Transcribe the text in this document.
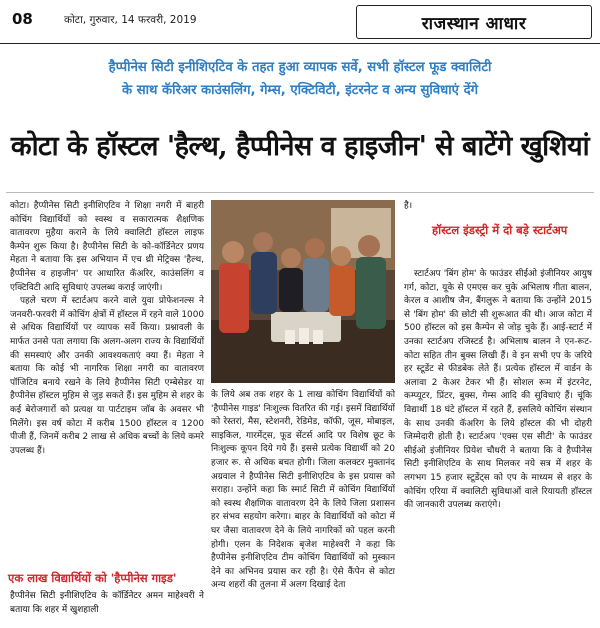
08	कोटा, गुरुवार, 14 फरवरी, 2019	राजस्थान आधार
हैप्पीनेस सिटी इनीशिएटिव के तहत हुआ व्यापक सर्वे, सभी हॉस्टल फूड क्वालिटी
के साथ कॅरिअर काउंसलिंग, गेम्स, एक्टिविटी, इंटरनेट व अन्य सुविधाएं देंगे
कोटा के हॉस्टल 'हैल्थ, हैप्पीनेस व हाइजीन' से बाटेंगे खुशियां

कोटा। हैप्पीनेस सिटी इनीशिएटिव ने शिक्षा नगरी में बाहरी कोचिंग विद्यार्थियों को स्वस्थ व सकारात्मक शैक्षणिक वातावरण मुहैया कराने के लिये क्वालिटी हॉस्टल लाइफ कैम्पेन शुरू किया है। हैप्पीनेस सिटी के को-कॉर्डिनेटर प्रणय मेहता ने बताया कि इस अभियान में एच थ्री मेट्रिक्स 'हैल्थ, हैप्पीनेस व हाइजीन' पर आधारित कॅअरिर, काउंसलिंग व एक्टिविटी आदि सुविधाएं उपलब्ध कराई जाएंगी।

पहले चरण में स्टार्टअप करने वाले युवा प्रोफेशनल्स ने जनवरी-फरवरी में कोचिंग क्षेत्रों में हॉस्टल में रहने वाले 1000 से अधिक विद्यार्थियों पर व्यापक सर्वे किया। प्रश्नावली के मार्फत उनसे पता लगाया कि अलग-अलग राज्य के विद्यार्थियों की समस्याएं और उनकी आवश्यकताएं क्या हैं। मेहता ने बताया कि कोई भी नागरिक शिक्षा नगरी का वातावरण पॉजिटिव बनाये रखने के लिये हैप्पीनेस सिटी एम्बेसेडर या हैप्पीनेस हॉस्टल मुहिम से जुड़ सकते हैं। इस मुहिम से शहर के कई बेरोजगारों को प्रत्यक्ष या पार्टटाइम जॉब के अवसर भी मिलेंगे। इस वर्ष कोटा में करीब 1500 हॉस्टल व 1200 पीजी हैं, जिनमें करीब 2 लाख से अधिक बच्चों के लिये कमरे उपलब्ध हैं।

एक लाख विद्यार्थियों को 'हैप्पीनेस गाइड'
हैप्पीनेस सिटी इनीशिएटिव के कॉर्डिनेटर अमन माहेश्वरी ने बताया कि शहर में खुशहाली

के लिये अब तक शहर के 1 लाख कोचिंग विद्यार्थियों को 'हैप्पीनेस गाइड' निःशुल्क वितरित की गई। इसमें विद्यार्थियों को रेस्तरां, मैस, स्टेशनरी, रेडिमेड, कॉफी, जूस, मोबाइल, साइकिल, गारमेंट्स, फूड सेंटर्स आदि पर विशेष छूट के निःशुल्क कूपन दिये गये हैं। इससे प्रत्येक विद्यार्थी को 20 हजार रू. से अधिक बचत होगी। जिला कलक्टर मुक्तानंद अग्रवाल ने हैप्पीनेस सिटी इनीशिएटिव के इस प्रयास को सराहा। उन्होंने कहा कि स्मार्ट सिटी में कोचिंग विद्यार्थियों को स्वस्थ शैक्षणिक वातावरण देने के लिये जिला प्रशासन हर संभव सहयोग करेगा। बाहर के विद्यार्थियों को कोटा में घर जैसा वातावरण देने के लिये नागरिकों को पहल करनी होगी। एलन के निदेशक बृजेश माहेश्वरी ने कहा कि हैप्पीनेस इनीशिएटिव टीम कोचिंग विद्यार्थियों को मुस्कान देने का अभिनव प्रयास कर रही है। ऐसे कैंपेन से कोटा अन्य शहरों की तुलना में अलग दिखाई देता

है।
हॉस्टल इंडस्ट्री में दो बड़े स्टार्टअप

स्टार्टअप 'बिंग होम' के फाउंडर सीईओ इंजीनियर आयुष गर्ग, कोटा, यूके से एमएस कर चुके अभिलाष गीता बालन, केरल व आशीष जैन, बैंगलुरू ने बताया कि उन्होंने 2015 से 'बिंग होम' की छोटी सी शुरूआत की थी। आज कोटा में 500 हॉस्टल को इस कैम्पेन से जोड़ चुके हैं। आई-स्टार्ट में उनका स्टार्टअप रजिस्टर्ड है। अभिलाष बालन ने एन-रूट-कोटा सहित तीन बुक्स लिखी हैं। वे इन सभी एप के जरिये हर स्टूडेंट से फीडबेक लेते हैं। प्रत्येक हॉस्टल में वार्डन के अलावा 2 केअर टेकर भी हैं। सोशल रूम में इंटरनेट, कम्प्यूटर, प्रिंटर, बुक्स, गेम्स आदि की सुविधाएं हैं। चूंकि विद्यार्थी 18 घंटे हॉस्टल में रहते हैं, इसलिये कोचिंग संस्थान के साथ उनकी कॅअरिग के लिये हॉस्टल की भी दोहरी जिम्मेदारी होती है। स्टार्टअप 'एक्स एस सीटी' के फाउंडर सीईओ इंजीनियर प्रियेश चौधरी ने बताया कि वे हैप्पीनेस सिटी इनीशिएटिव के साथ मिलकर नये सत्र में शहर के लगभग 15 हजार स्टूडेंट्स को एप के माध्यम से शहर के कोचिंग एरिया में क्वालिटी सुविधाओं वाले रियायती हॉस्टल की जानकारी उपलब्ध कराएंगे।
